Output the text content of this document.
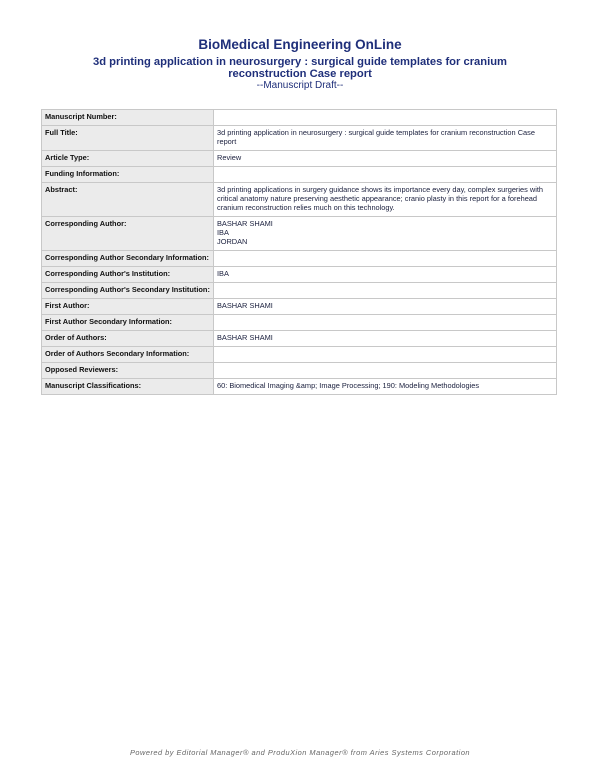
BioMedical Engineering OnLine
3d printing application in neurosurgery : surgical guide templates for cranium reconstruction Case report
--Manuscript Draft--
Manuscript Number:	
Full Title:	3d printing application in neurosurgery : surgical guide templates for cranium reconstruction Case report
Article Type:	Review
Funding Information:	
Abstract:	3d printing applications in surgery guidance shows its importance every day, complex surgeries with critical anatomy nature preserving aesthetic appearance; cranio plasty in this report for a forehead cranium reconstruction relies much on this technology.
Corresponding Author:	BASHAR SHAMI
IBA
JORDAN

Corresponding Author Secondary Information:	
Corresponding Author's Institution:	IBA
Corresponding Author's Secondary Institution:	
First Author:	BASHAR SHAMI
First Author Secondary Information:	
Order of Authors:	BASHAR SHAMI
Order of Authors Secondary Information:	
Opposed Reviewers:	
Manuscript Classifications:	60: Biomedical Imaging &amp; Image Processing; 190: Modeling Methodologies
Powered by Editorial Manager® and ProduXion Manager® from Aries Systems Corporation
